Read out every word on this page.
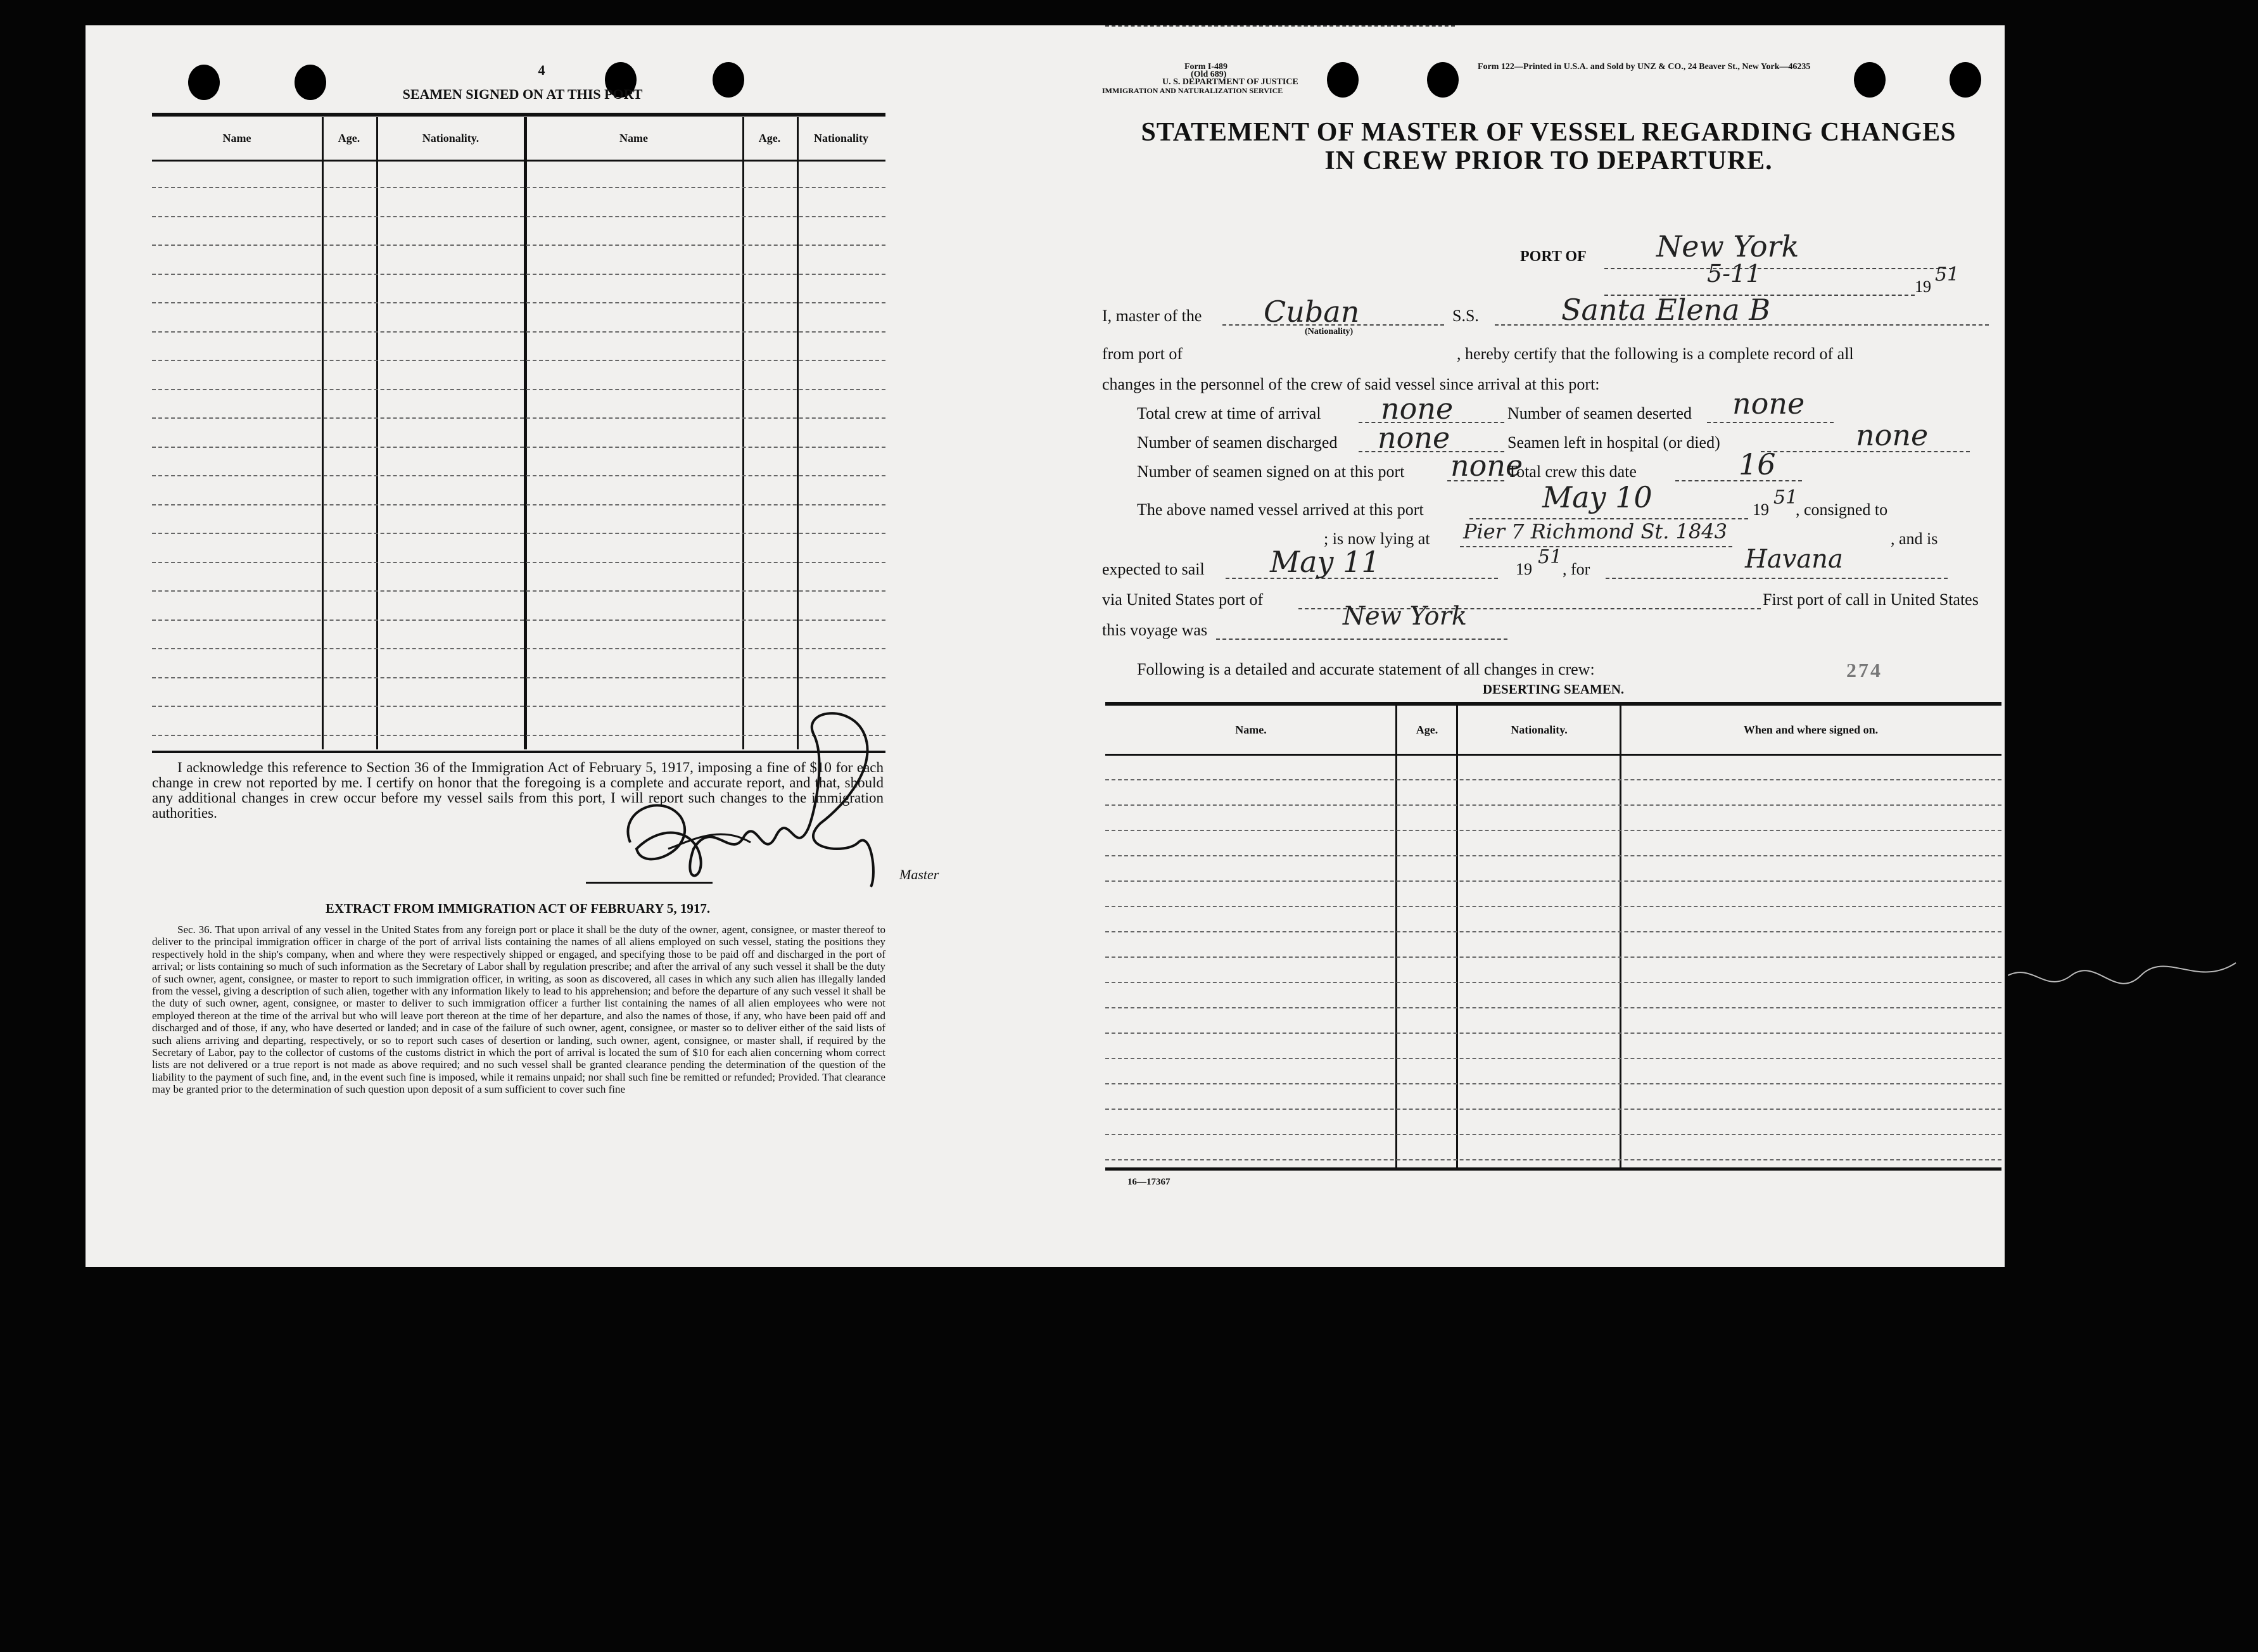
4
SEAMEN SIGNED ON AT THIS PORT
Name	Age.	Nationality.	Name	Age.	Nationality
I acknowledge this reference to Section 36 of the Immigration Act of February 5, 1917, imposing a fine of $10 for each change in crew not reported by me. I certify on honor that the foregoing is a complete and accurate report, and that, should any additional changes in crew occur before my vessel sails from this port, I will report such changes to the immigration authorities.
Master
EXTRACT FROM IMMIGRATION ACT OF FEBRUARY 5, 1917.
Sec. 36. That upon arrival of any vessel in the United States from any foreign port or place it shall be the duty of the owner, agent, consignee, or master thereof to deliver to the principal immigration officer in charge of the port of arrival lists containing the names of all aliens employed on such vessel, stating the positions they respectively hold in the ship's company, when and where they were respectively shipped or engaged, and specifying those to be paid off and discharged in the port of arrival; or lists containing so much of such information as the Secretary of Labor shall by regulation prescribe; and after the arrival of any such vessel it shall be the duty of such owner, agent, consignee, or master to report to such immigration officer, in writing, as soon as discovered, all cases in which any such alien has illegally landed from the vessel, giving a description of such alien, together with any information likely to lead to his apprehension; and before the departure of any such vessel it shall be the duty of such owner, agent, consignee, or master to deliver to such immigration officer a further list containing the names of all alien employees who were not employed thereon at the time of the arrival but who will leave port thereon at the time of her departure, and also the names of those, if any, who have been paid off and discharged and of those, if any, who have deserted or landed; and in case of the failure of such owner, agent, consignee, or master so to deliver either of the said lists of such aliens arriving and departing, respectively, or so to report such cases of desertion or landing, such owner, agent, consignee, or master shall, if required by the Secretary of Labor, pay to the collector of customs of the customs district in which the port of arrival is located the sum of $10 for each alien concerning whom correct lists are not delivered or a true report is not made as above required; and no such vessel shall be granted clearance pending the determination of the question of the liability to the payment of such fine, and, in the event such fine is imposed, while it remains unpaid; nor shall such fine be remitted or refunded; Provided. That clearance may be granted prior to the determination of such question upon deposit of a sum sufficient to cover such fine
Form I-489
(Old 689)
U. S. DEPARTMENT OF JUSTICE
IMMIGRATION AND NATURALIZATION SERVICE
Form 122—Printed in U.S.A. and Sold by UNZ & CO., 24 Beaver St., New York—46235
STATEMENT OF MASTER OF VESSEL REGARDING CHANGES
IN CREW PRIOR TO DEPARTURE.
PORT OF New York
5-11	19
51
I, master of the Cuban
(Nationality)
S.S.	Santa Elena B
from port of	, hereby certify that the following is a complete record of all
changes in the personnel of the crew of said vessel since arrival at this port:
Total crew at time of arrival none	Number of seamen deserted none
Number of seamen discharged none	Seamen left in hospital (or died)	none
Number of seamen signed on at this port none
Total crew this date	16
The above named vessel arrived at this port	May 10	19
51
, consigned to
; is now lying at Pier 7 Richmond St. 1843	, and is
expected to sail May 11	19
51
, for	Havana
via United States port of	First port of call in United States
this voyage was	New York
274
Following is a detailed and accurate statement of all changes in crew:
DESERTING SEAMEN.
Name.	Age.	Nationality.	When and where signed on.
16—17367
